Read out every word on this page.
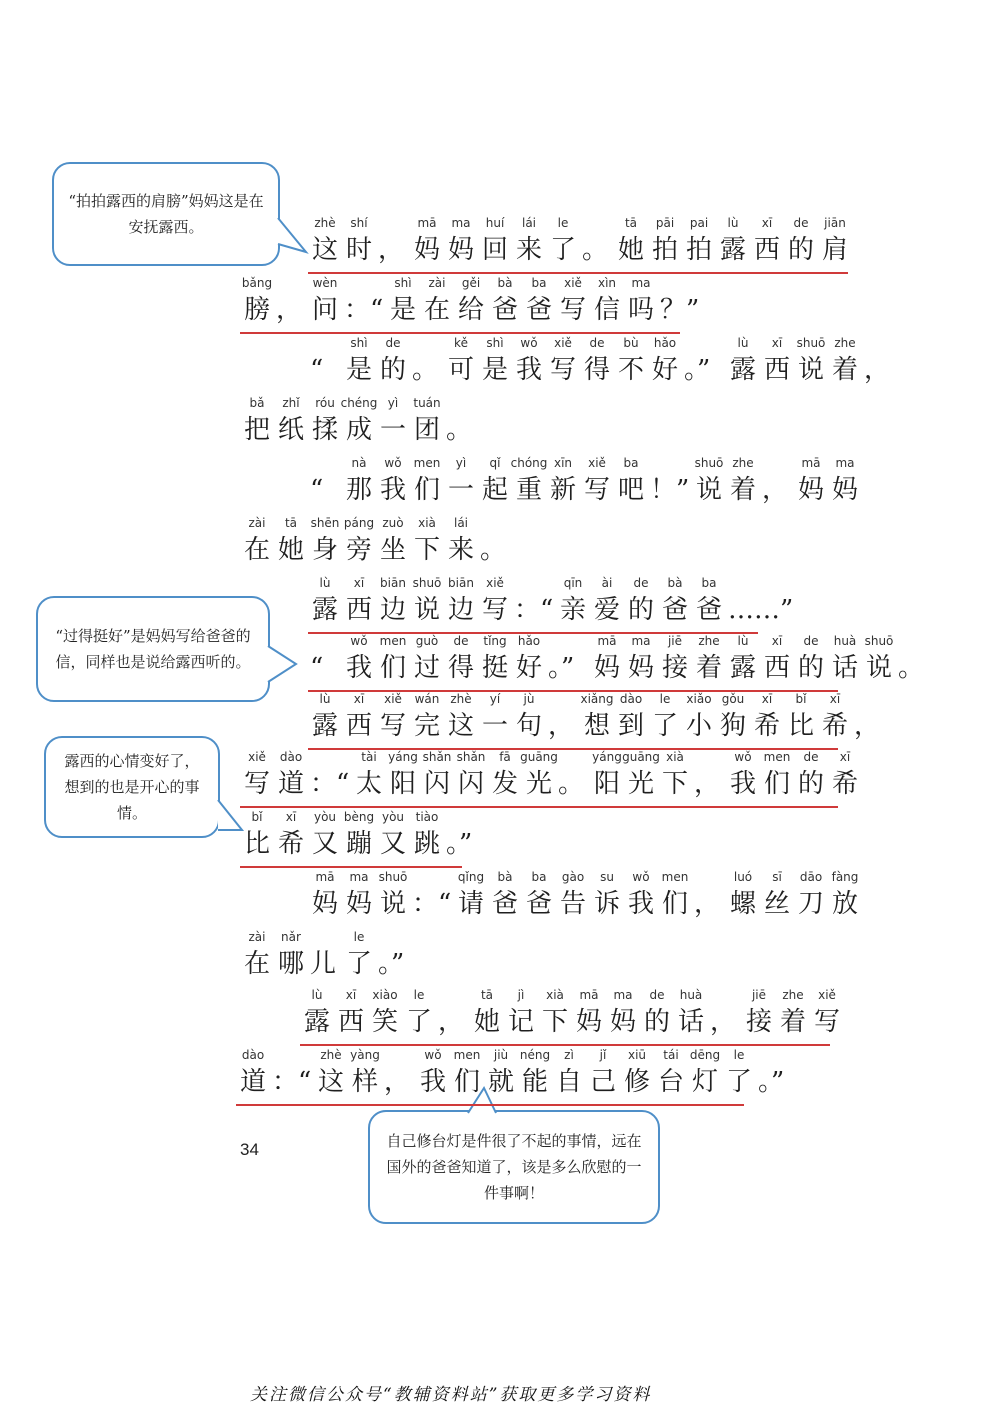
“拍拍露西的肩膀”妈妈这是在安抚露西。
“过得挺好”是妈妈写给爸爸的信，同样也是说给露西听的。
露西的心情变好了，想到的也是开心的事情。
自己修台灯是件很了不起的事情，远在国外的爸爸知道了，该是多么欣慰的一件事啊！
zhè
这
shí
时 ，
mā
妈
ma
妈
huí
回
lái
来
le
了 。
tā
她
pāi
拍
pai
拍
lù
露
xī
西
de
的
jiān
肩
bǎng
膀 ，
wèn
问 ：“
shì
是
zài
在
gěi
给
bà
爸
ba
爸
xiě
写
xìn
信
ma
吗 ？”
“
shì
是
de
的 。
kě
可
shì
是
wǒ
我
xiě
写
de
得
bù
不
hǎo
好 。”
lù
露
xī
西
shuō
说
zhe
着 ，
bǎ
把
zhǐ
纸
róu
揉
chéng
成
yì
一
tuán
团 。
“
nà
那
wǒ
我
men
们
yì
一
qǐ
起
chóng
重
xīn
新
xiě
写
ba
吧 ！”
shuō
说
zhe
着 ，
mā
妈
ma
妈
zài
在
tā
她
shēn
身
páng
旁
zuò
坐
xià
下
lái
来 。
lù
露
xī
西
biān
边
shuō
说
biān
边
xiě
写 ：“
qīn
亲
ài
爱
de
的
bà
爸
ba
爸 ……”
“
wǒ
我
men
们
guò
过
de
得
tǐng
挺
hǎo
好 。”
mā
妈
ma
妈
jiē
接
zhe
着
lù
露
xī
西
de
的
huà
话
shuō
说 。
lù
露
xī
西
xiě
写
wán
完
zhè
这
yí
一
jù
句 ，
xiǎng
想
dào
到
le
了
xiǎo
小
gǒu
狗
xī
希
bǐ
比
xī
希 ，
xiě
写
dào
道 ：“
tài
太
yáng
阳
shǎn
闪
shǎn
闪
fā
发
guāng
光 。
yáng
阳
guāng
光
xià
下 ，
wǒ
我
men
们
de
的
xī
希
bǐ
比
xī
希
yòu
又
bèng
蹦
yòu
又
tiào
跳 。”
mā
妈
ma
妈
shuō
说 ：“
qǐng
请
bà
爸
ba
爸
gào
告
su
诉
wǒ
我
men
们 ，
luó
螺
sī
丝
dāo
刀
fàng
放
zài
在
nǎr
哪 儿
le
了 。”
lù
露
xī
西
xiào
笑
le
了 ，
tā
她
jì
记
xià
下
mā
妈
ma
妈
de
的
huà
话 ，
jiē
接
zhe
着
xiě
写
dào
道 ：“
zhè
这
yàng
样 ，
wǒ
我
men
们
jiù
就
néng
能
zì
自
jǐ
己
xiū
修
tái
台
dēng
灯
le
了 。”
34
关注微信公众号“教辅资料站”获取更多学习资料
